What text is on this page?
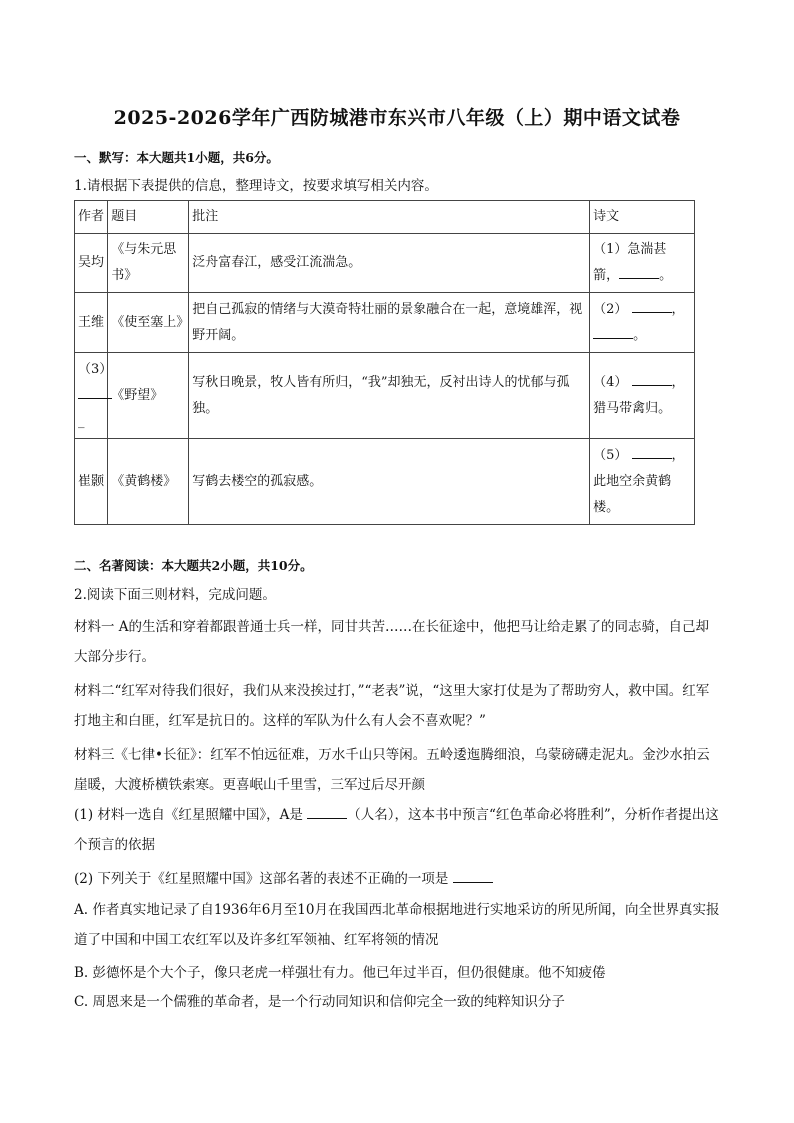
2025-2026学年广西防城港市东兴市八年级（上）期中语文试卷
一、默写：本大题共1小题，共6分。
1.请根据下表提供的信息，整理诗文，按要求填写相关内容。
作者	题目	批注	诗文
吴均	《与朱元思书》	泛舟富春江，感受江流湍急。	（1）急湍甚箭， 。
王维	《使至塞上》	把自己孤寂的情绪与大漠奇特壮丽的景象融合在一起，意境雄浑，视野开阔。	（2） ，
。
（3）

_	《野望》	写秋日晚景，牧人皆有所归，“我”却独无，反衬出诗人的忧郁与孤独。	（4） ，猎马带禽归。
崔颢	《黄鹤楼》	写鹤去楼空的孤寂感。	（5） ，此地空余黄鹤楼。
二、名著阅读：本大题共2小题，共10分。
2.阅读下面三则材料，完成问题。
材料一 A的生活和穿着都跟普通士兵一样，同甘共苦……在长征途中，他把马让给走累了的同志骑，自己却大部分步行。
材料二“红军对待我们很好，我们从来没挨过打，”“老表”说，“这里大家打仗是为了帮助穷人，救中国。红军打地主和白匪，红军是抗日的。这样的军队为什么有人会不喜欢呢？”
材料三《七律•长征》：红军不怕远征难，万水千山只等闲。五岭逶迤腾细浪，乌蒙磅礴走泥丸。金沙水拍云崖暖，大渡桥横铁索寒。更喜岷山千里雪，三军过后尽开颜
(1) 材料一选自《红星照耀中国》，A是	（人名），这本书中预言“红色革命必将胜利”，分析作者提出这个预言的依据
(2) 下列关于《红星照耀中国》这部名著的表述不正确的一项是
A. 作者真实地记录了自1936年6月至10月在我国西北革命根据地进行实地采访的所见所闻，向全世界真实报道了中国和中国工农红军以及许多红军领袖、红军将领的情况
B. 彭德怀是个大个子，像只老虎一样强壮有力。他已年过半百，但仍很健康。他不知疲倦
C. 周恩来是一个儒雅的革命者，是一个行动同知识和信仰完全一致的纯粹知识分子
